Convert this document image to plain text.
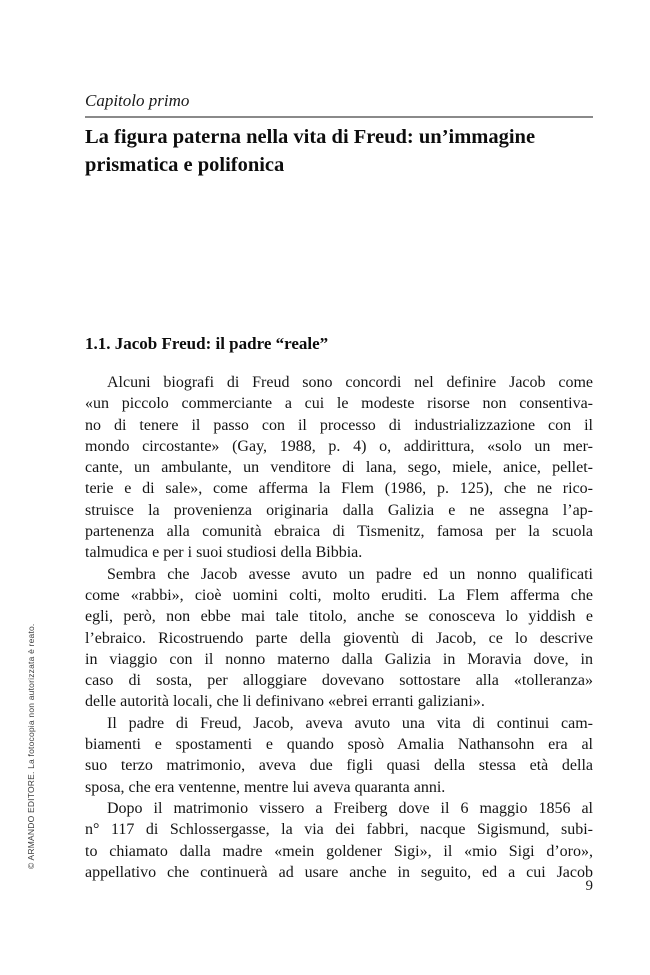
© ARMANDO EDITORE. La fotocopia non autorizzata è reato.
Capitolo primo
La figura paterna nella vita di Freud: un’immagine
prismatica e polifonica
1.1. Jacob Freud: il padre “reale”
Alcuni biografi di Freud sono concordi nel definire Jacob come
«un piccolo commerciante a cui le modeste risorse non consentiva-
no di tenere il passo con il processo di industrializzazione con il
mondo circostante» (Gay, 1988, p. 4) o, addirittura, «solo un mer-
cante, un ambulante, un venditore di lana, sego, miele, anice, pellet-
terie e di sale», come afferma la Flem (1986, p. 125), che ne rico-
struisce la provenienza originaria dalla Galizia e ne assegna l’ap-
partenenza alla comunità ebraica di Tismenitz, famosa per la scuola
talmudica e per i suoi studiosi della Bibbia.
Sembra che Jacob avesse avuto un padre ed un nonno qualificati
come «rabbi», cioè uomini colti, molto eruditi. La Flem afferma che
egli, però, non ebbe mai tale titolo, anche se conosceva lo yiddish e
l’ebraico. Ricostruendo parte della gioventù di Jacob, ce lo descrive
in viaggio con il nonno materno dalla Galizia in Moravia dove, in
caso di sosta, per alloggiare dovevano sottostare alla «tolleranza»
delle autorità locali, che li definivano «ebrei erranti galiziani».
Il padre di Freud, Jacob, aveva avuto una vita di continui cam-
biamenti e spostamenti e quando sposò Amalia Nathansohn era al
suo terzo matrimonio, aveva due figli quasi della stessa età della
sposa, che era ventenne, mentre lui aveva quaranta anni.
Dopo il matrimonio vissero a Freiberg dove il 6 maggio 1856 al
n° 117 di Schlossergasse, la via dei fabbri, nacque Sigismund, subi-
to chiamato dalla madre «mein goldener Sigi», il «mio Sigi d’oro»,
appellativo che continuerà ad usare anche in seguito, ed a cui Jacob
9
